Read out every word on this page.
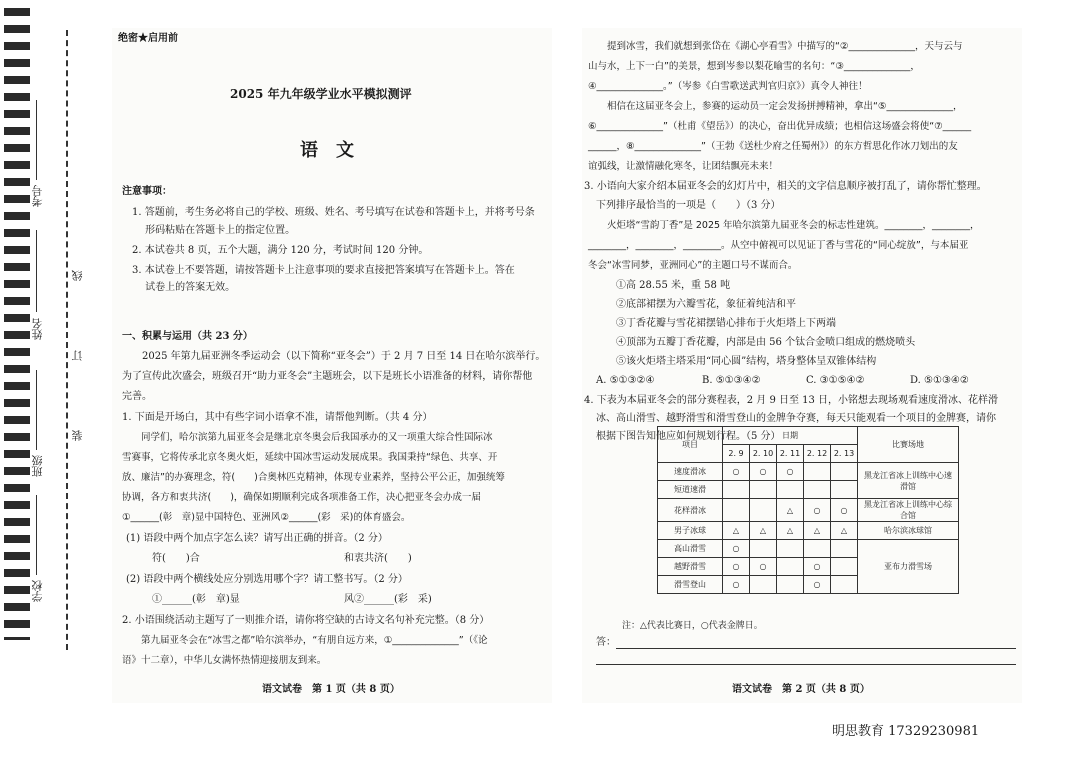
考号
姓名
班级
学校
线
订
装
绝密★启用前
2025 年九年级学业水平模拟测评
语　文
注意事项：
1. 答题前，考生务必将自己的学校、班级、姓名、考号填写在试卷和答题卡上，并将考号条
　 形码粘贴在答题卡上的指定位置。
2. 本试卷共 8 页，五个大题，满分 120 分，考试时间 120 分钟。
3. 本试卷上不要答题，请按答题卡上注意事项的要求直接把答案填写在答题卡上。答在
　 试卷上的答案无效。
一、积累与运用（共 23 分）
　　2025 年第九届亚洲冬季运动会（以下简称“亚冬会”）于 2 月 7 日至 14 日在哈尔滨举行。
为了宣传此次盛会，班级召开“助力亚冬会”主题班会，以下是班长小语准备的材料，请你帮他
完善。
1. 下面是开场白，其中有些字词小语拿不准，请帮他判断。（共 4 分）
　　同学们，哈尔滨第九届亚冬会是继北京冬奥会后我国承办的又一项重大综合性国际冰
雪赛事，它将传承北京冬奥火炬，延续中国冰雪运动发展成果。我国秉持“绿色、共享、开
放、廉洁”的办赛理念，符(　　)合奥林匹克精神，体现专业素养，坚持公平公正，加强统筹
协调，各方和衷共济(　　)，确保如期顺利完成各项准备工作，决心把亚冬会办成一届
①______(彰　章)显中国特色、亚洲风②______(彩　采)的体育盛会。
(1) 语段中两个加点字怎么读？请写出正确的拼音。（2 分）
符(　　)合	和衷共济(　　)
(2) 语段中两个横线处应分别选用哪个字？请工整书写。（2 分）
①______(彰　章)显	风②______(彩　采)
2. 小语围绕活动主题写了一则推介语，请你将空缺的古诗文名句补充完整。（8 分）
　　第九届亚冬会在“冰雪之都”哈尔滨举办，“有朋自远方来，①______________”（《论
语》十二章），中华儿女满怀热情迎接朋友到来。
语文试卷　第 1 页（共 8 页）
　　提到冰雪，我们就想到张岱在《湖心亭看雪》中描写的“②______________，天与云与
山与水，上下一白”的美景，想到岑参以梨花喻雪的名句：“③______________，
④______________。”（岑参《白雪歌送武判官归京》）真令人神往！
　　相信在这届亚冬会上，参赛的运动员一定会发扬拼搏精神，拿出“⑤______________，
⑥______________”（杜甫《望岳》）的决心，奋出优异成绩；也相信这场盛会将使“⑦______
______，⑧______________”（王勃《送杜少府之任蜀州》）的东方哲思化作冰刀划出的友
谊弧线，让激情融化寒冬，让团结飘亮未来！
3. 小语向大家介绍本届亚冬会的幻灯片中，相关的文字信息顺序被打乱了，请你帮忙整理。
下列排序最恰当的一项是（　　）（3 分）
　　火炬塔“雪韵丁香”是 2025 年哈尔滨第九届亚冬会的标志性建筑。________，________，
________，________，________。从空中俯视可以见证丁香与雪花的“同心绽放”，与本届亚
冬会“冰雪同梦，亚洲同心”的主题口号不谋而合。
①高 28.55 米，重 58 吨
②底部裙摆为六瓣雪花，象征着纯洁和平
③丁香花瓣与雪花裙摆错心排布于火炬塔上下两端
④顶部为五瓣丁香花瓣，内部是由 56 个钛合金喷口组成的燃烧喷头
⑤该火炬塔主塔采用“同心圆”结构，塔身整体呈双锥体结构
A. ⑤①③②④	B. ⑤①③④②	C. ③①⑤④②	D. ⑤①③④②
4. 下表为本届亚冬会的部分赛程表，2 月 9 日至 13 日，小铭想去现场观看速度滑冰、花样滑
冰、高山滑雪、越野滑雪和滑雪登山的金牌争夺赛，每天只能观看一个项目的金牌赛，请你
根据下图告知他应如何规划行程。（5 分）
项目	日期					比赛场地
	2. 9	2. 10	2. 11	2. 12	2. 13	
速度滑冰	○	○	○			黑龙江省冰上训练中心速滑馆
短道速滑						
花样滑冰			△	○	○	黑龙江省冰上训练中心综合馆
男子冰球	△	△	△	△	△	哈尔滨冰球馆
高山滑雪	○					亚布力滑雪场
越野滑雪	○	○		○		
滑雪登山	○			○		
注：△代表比赛日，○代表金牌日。
答：
语文试卷　第 2 页（共 8 页）
明思教育 17329230981
